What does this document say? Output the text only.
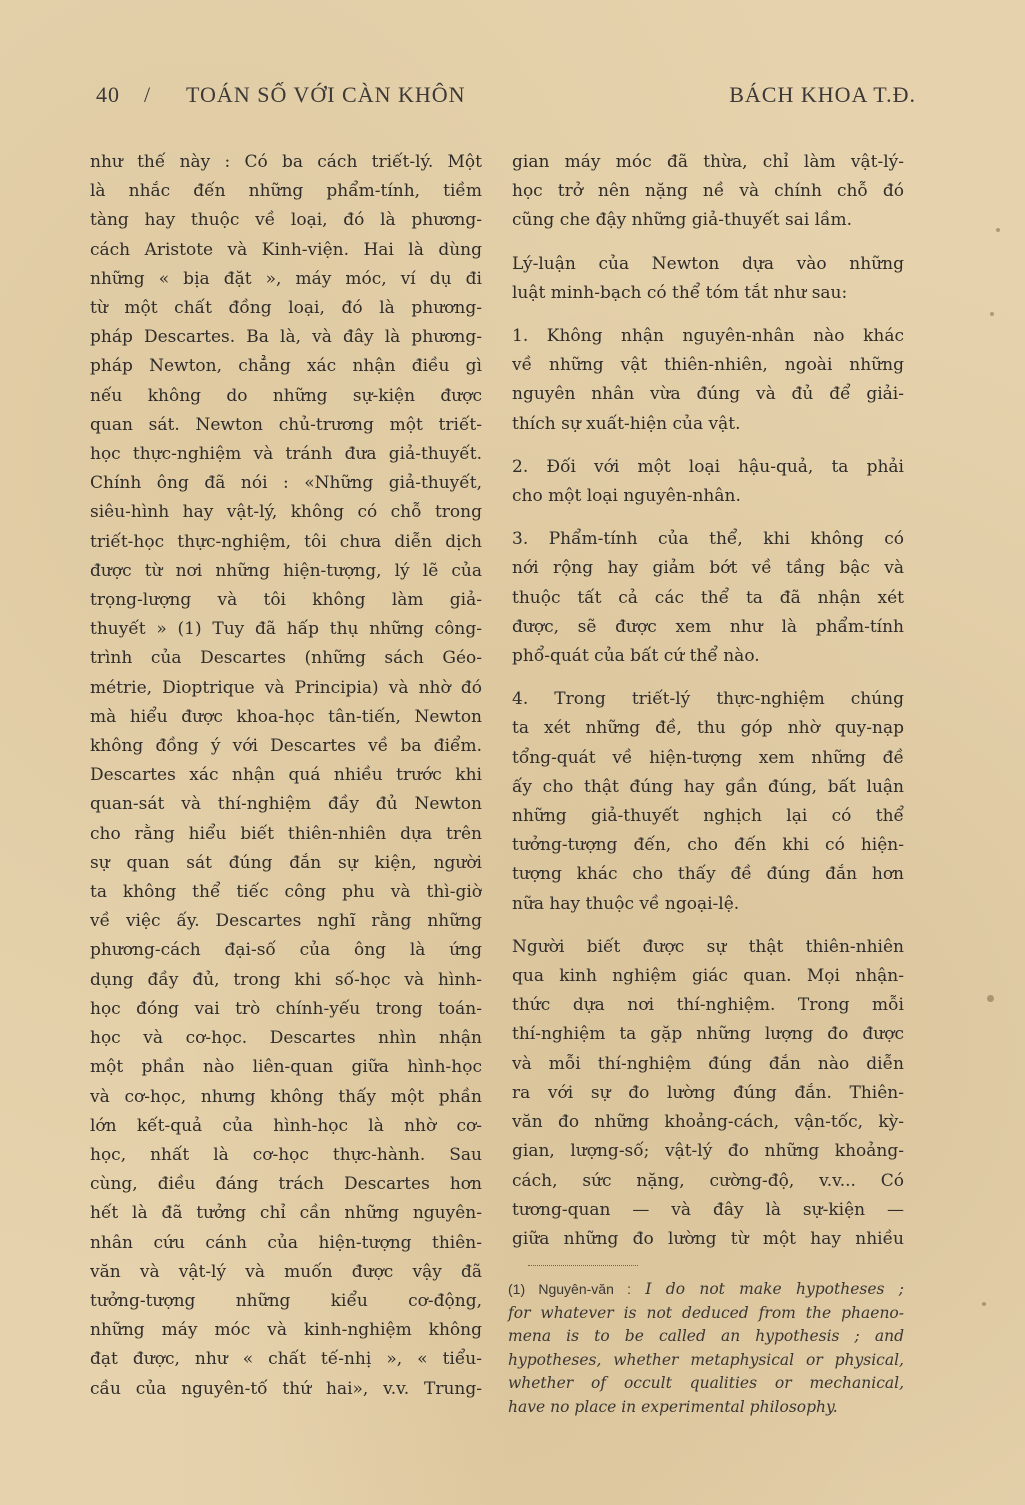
40 / TOÁN SỐ VỚI CÀN KHÔN	BÁCH KHOA T.Đ.
như thế này : Có ba cách triết-lý. Một
là nhắc đến những phẩm-tính, tiềm
tàng hay thuộc về loại, đó là phương-
cách Aristote và Kinh-viện. Hai là dùng
những « bịa đặt », máy móc, ví dụ đi
từ một chất đồng loại, đó là phương-
pháp Descartes. Ba là, và đây là phương-
pháp Newton, chẳng xác nhận điều gì
nếu không do những sự-kiện được
quan sát. Newton chủ-trương một triết-
học thực-nghiệm và tránh đưa giả-thuyết.
Chính ông đã nói : «Những giả-thuyết,
siêu-hình hay vật-lý, không có chỗ trong
triết-học thực-nghiệm, tôi chưa diễn dịch
được từ nơi những hiện-tượng, lý lẽ của
trọng-lượng và tôi không làm giả-
thuyết » (1) Tuy đã hấp thụ những công-
trình của Descartes (những sách Géo-
métrie, Dioptrique và Principia) và nhờ đó
mà hiểu được khoa-học tân-tiến, Newton
không đồng ý với Descartes về ba điểm.
Descartes xác nhận quá nhiều trước khi
quan-sát và thí-nghiệm đầy đủ Newton
cho rằng hiểu biết thiên-nhiên dựa trên
sự quan sát đúng đắn sự kiện, người
ta không thể tiếc công phu và thì-giờ
về việc ấy. Descartes nghĩ rằng những
phương-cách đại-số của ông là ứng
dụng đầy đủ, trong khi số-học và hình-
học đóng vai trò chính-yếu trong toán-
học và cơ-học. Descartes nhìn nhận
một phần nào liên-quan giữa hình-học
và cơ-học, nhưng không thấy một phần
lớn kết-quả của hình-học là nhờ cơ-
học, nhất là cơ-học thực-hành. Sau
cùng, điều đáng trách Descartes hơn
hết là đã tưởng chỉ cần những nguyên-
nhân cứu cánh của hiện-tượng thiên-
văn và vật-lý và muốn được vậy đã
tưởng-tượng những kiểu cơ-động,
những máy móc và kinh-nghiệm không
đạt được, như « chất tế-nhị », « tiểu-
cầu của nguyên-tố thứ hai», v.v. Trung-

gian máy móc đã thừa, chỉ làm vật-lý-
học trở nên nặng nề và chính chỗ đó
cũng che đậy những giả-thuyết sai lầm.

Lý-luận của Newton dựa vào những
luật minh-bạch có thể tóm tắt như sau:

1. Không nhận nguyên-nhân nào khác
về những vật thiên-nhiên, ngoài những
nguyên nhân vừa đúng và đủ để giải-
thích sự xuất-hiện của vật.

2. Đối với một loại hậu-quả, ta phải
cho một loại nguyên-nhân.

3. Phẩm-tính của thể, khi không có
nới rộng hay giảm bớt về tầng bậc và
thuộc tất cả các thể ta đã nhận xét
được, sẽ được xem như là phẩm-tính
phổ-quát của bất cứ thể nào.

4. Trong triết-lý thực-nghiệm chúng
ta xét những đề, thu góp nhờ quy-nạp
tổng-quát về hiện-tượng xem những đề
ấy cho thật đúng hay gần đúng, bất luận
những giả-thuyết nghịch lại có thể
tưởng-tượng đến, cho đến khi có hiện-
tượng khác cho thấy đề đúng đắn hơn
nữa hay thuộc về ngoại-lệ.

Người biết được sự thật thiên-nhiên
qua kinh nghiệm giác quan. Mọi nhận-
thức dựa nơi thí-nghiệm. Trong mỗi
thí-nghiệm ta gặp những lượng đo được
và mỗi thí-nghiệm đúng đắn nào diễn
ra với sự đo lường đúng đắn. Thiên-
văn đo những khoảng-cách, vận-tốc, kỳ-
gian, lượng-số; vật-lý đo những khoảng-
cách, sức nặng, cường-độ, v.v... Có
tương-quan — và đây là sự-kiện —
giữa những đo lường từ một hay nhiều

(1) Nguyên-văn : I do not make hypotheses ;
for whatever is not deduced from the phaeno-
mena is to be called an hypothesis ; and
hypotheses, whether metaphysical or physical,
whether of occult qualities or mechanical,
have no place in experimental philosophy.
